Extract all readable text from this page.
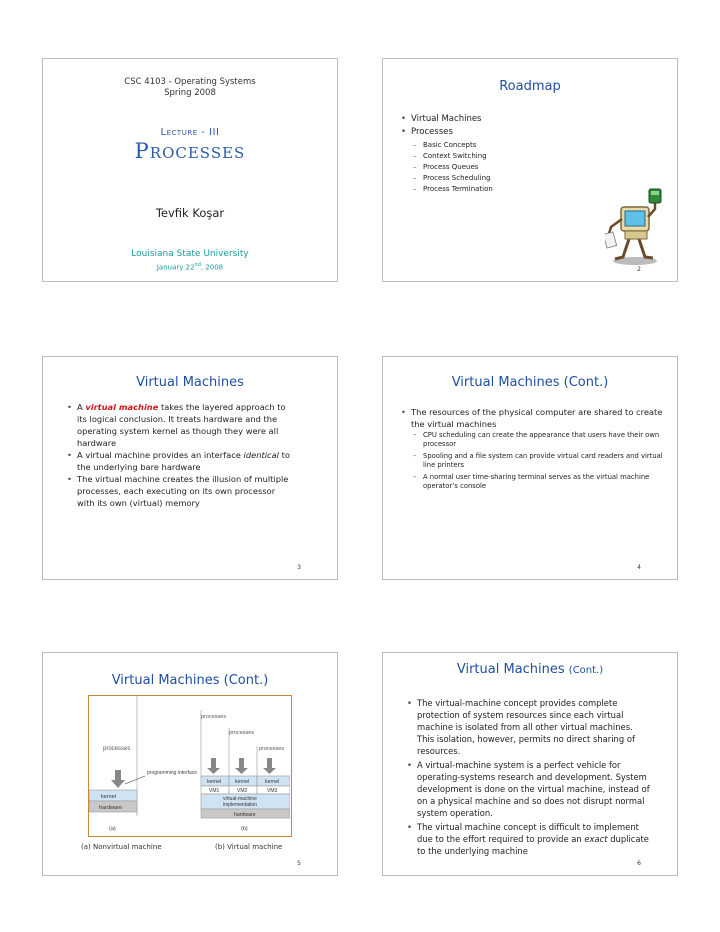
CSC 4103 - Operating Systems
Spring 2008
Lecture - III
Processes
Tevfik Koşar
Louisiana State University
January 22nd, 2008
Roadmap
• Virtual Machines
• Processes
– Basic Concepts
– Context Switching
– Process Queues
– Process Scheduling
– Process Termination
2
Virtual Machines
• A virtual machine takes the layered approach to its logical conclusion. It treats hardware and the operating system kernel as though they were all hardware
• A virtual machine provides an interface identical to the underlying bare hardware
• The virtual machine creates the illusion of multiple processes, each executing on its own processor with its own (virtual) memory
3
Virtual Machines (Cont.)
• The resources of the physical computer are shared to create the virtual machines
– CPU scheduling can create the appearance that users have their own processor
– Spooling and a file system can provide virtual card readers and virtual line printers
– A normal user time-sharing terminal serves as the virtual machine operator’s console
4
Virtual Machines (Cont.)
processes
programming interface
kernel
hardware
(a)
processes
processes
processes
kernel	kernel	kernel
VM1	VM2	VM3
virtual-machine
implementation
hardware
(b)
(a) Nonvirtual machine	(b) Virtual machine
5
Virtual Machines (Cont.)
• The virtual-machine concept provides complete protection of system resources since each virtual machine is isolated from all other virtual machines. This isolation, however, permits no direct sharing of resources.
• A virtual-machine system is a perfect vehicle for operating-systems research and development. System development is done on the virtual machine, instead of on a physical machine and so does not disrupt normal system operation.
• The virtual machine concept is difficult to implement due to the effort required to provide an exact duplicate to the underlying machine
6
